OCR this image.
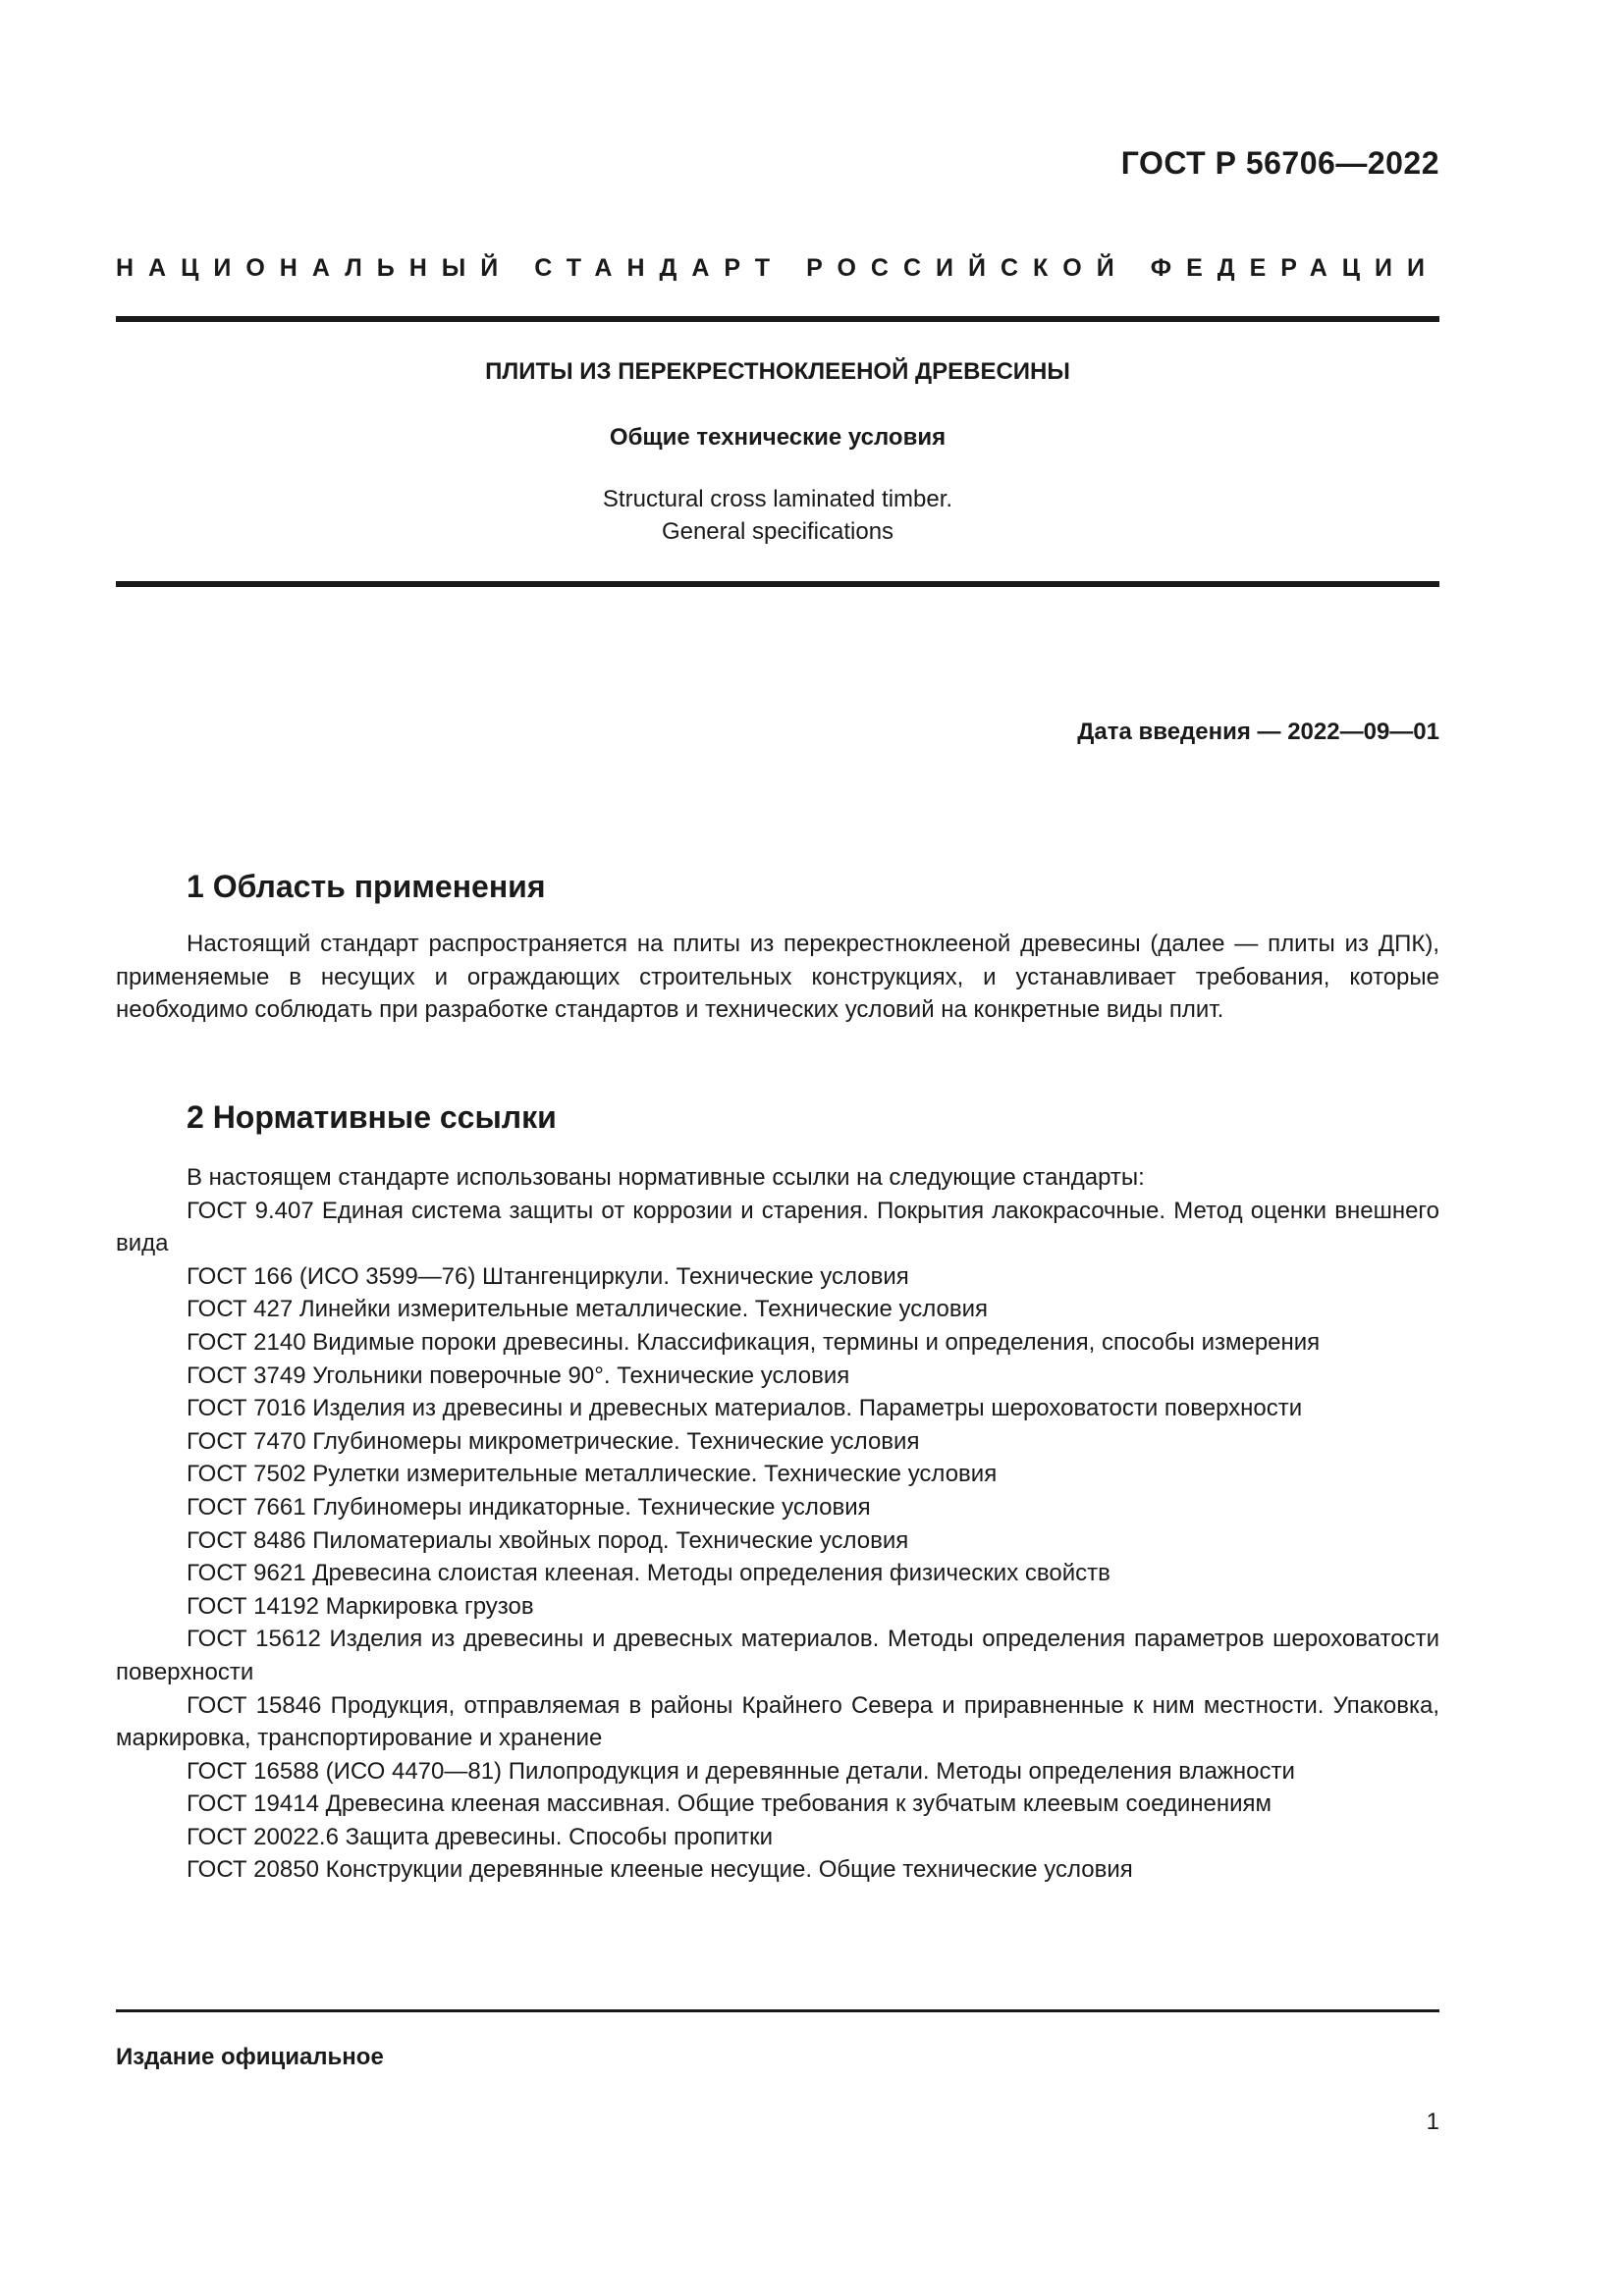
ГОСТ Р 56706—2022
НАЦИОНАЛЬНЫЙ СТАНДАРТ РОССИЙСКОЙ ФЕДЕРАЦИИ
ПЛИТЫ ИЗ ПЕРЕКРЕСТНОКЛЕЕНОЙ ДРЕВЕСИНЫ
Общие технические условия
Structural cross laminated timber.
General specifications
Дата введения — 2022—09—01
1 Область применения

Настоящий стандарт распространяется на плиты из перекрестноклееной древесины (далее — плиты из ДПК), применяемые в несущих и ограждающих строительных конструкциях, и устанавливает требования, которые необходимо соблюдать при разработке стандартов и технических условий на конкретные виды плит.

2 Нормативные ссылки

В настоящем стандарте использованы нормативные ссылки на следующие стандарты:

ГОСТ 9.407 Единая система защиты от коррозии и старения. Покрытия лакокрасочные. Метод оценки внешнего вида

ГОСТ 166 (ИСО 3599—76) Штангенциркули. Технические условия

ГОСТ 427 Линейки измерительные металлические. Технические условия

ГОСТ 2140 Видимые пороки древесины. Классификация, термины и определения, способы измерения

ГОСТ 3749 Угольники поверочные 90°. Технические условия

ГОСТ 7016 Изделия из древесины и древесных материалов. Параметры шероховатости поверхности

ГОСТ 7470 Глубиномеры микрометрические. Технические условия

ГОСТ 7502 Рулетки измерительные металлические. Технические условия

ГОСТ 7661 Глубиномеры индикаторные. Технические условия

ГОСТ 8486 Пиломатериалы хвойных пород. Технические условия

ГОСТ 9621 Древесина слоистая клееная. Методы определения физических свойств

ГОСТ 14192 Маркировка грузов

ГОСТ 15612 Изделия из древесины и древесных материалов. Методы определения параметров шероховатости поверхности

ГОСТ 15846 Продукция, отправляемая в районы Крайнего Севера и приравненные к ним местности. Упаковка, маркировка, транспортирование и хранение

ГОСТ 16588 (ИСО 4470—81) Пилопродукция и деревянные детали. Методы определения влажности

ГОСТ 19414 Древесина клееная массивная. Общие требования к зубчатым клеевым соединениям

ГОСТ 20022.6 Защита древесины. Способы пропитки

ГОСТ 20850 Конструкции деревянные клееные несущие. Общие технические условия

Издание официальное
1
